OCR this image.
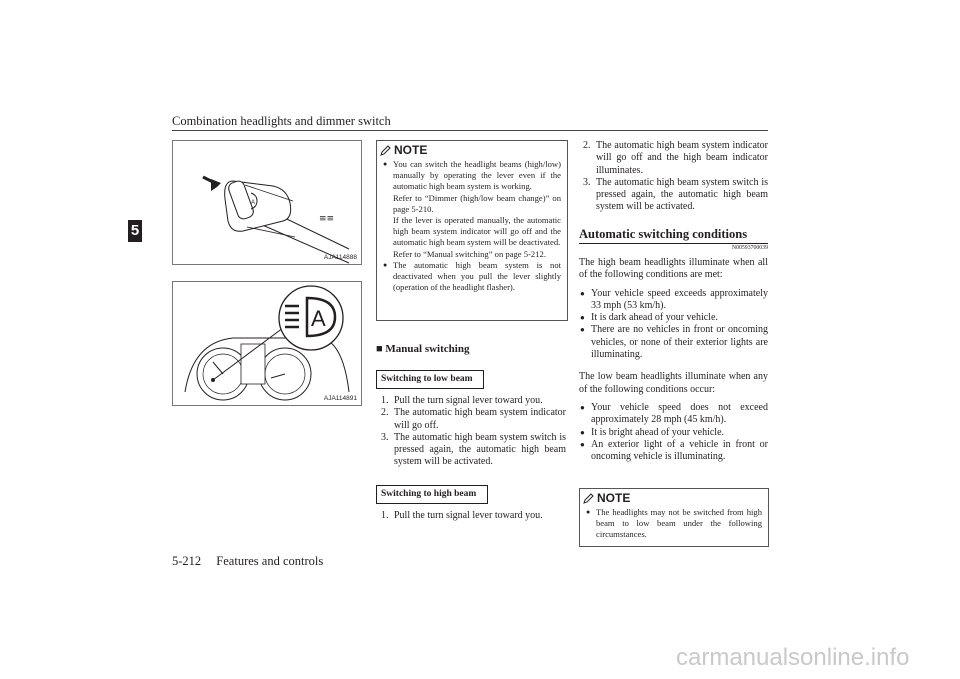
Combination headlights and dimmer switch
5
A
≡≡
AJA114888
A
AJA114891
NOTE
● You can switch the headlight beams (high/low) manually by operating the lever even if the automatic high beam system is working.
Refer to “Dimmer (high/low beam change)” on page 5-210.
If the lever is operated manually, the automatic high beam system indicator will go off and the automatic high beam system will be deactivated.
Refer to “Manual switching” on page 5-212.
● The automatic high beam system is not deactivated when you pull the lever slightly (operation of the headlight flasher).
■ Manual switching
Switching to low beam
1. Pull the turn signal lever toward you.
2. The automatic high beam system indicator will go off.
3. The automatic high beam system switch is pressed again, the automatic high beam system will be activated.
Switching to high beam
1. Pull the turn signal lever toward you.
2. The automatic high beam system indicator will go off and the high beam indicator illuminates.
3. The automatic high beam system switch is pressed again, the automatic high beam system will be activated.
Automatic switching conditions
N00593700039
The high beam headlights illuminate when all of the following conditions are met:
● Your vehicle speed exceeds approximately 33 mph (53 km/h).
● It is dark ahead of your vehicle.
● There are no vehicles in front or oncoming vehicles, or none of their exterior lights are illuminating.
The low beam headlights illuminate when any of the following conditions occur:
● Your vehicle speed does not exceed approximately 28 mph (45 km/h).
● It is bright ahead of your vehicle.
● An exterior light of a vehicle in front or oncoming vehicle is illuminating.
NOTE
● The headlights may not be switched from high beam to low beam under the following circumstances.
5-212 Features and controls
carmanualsonline.info
